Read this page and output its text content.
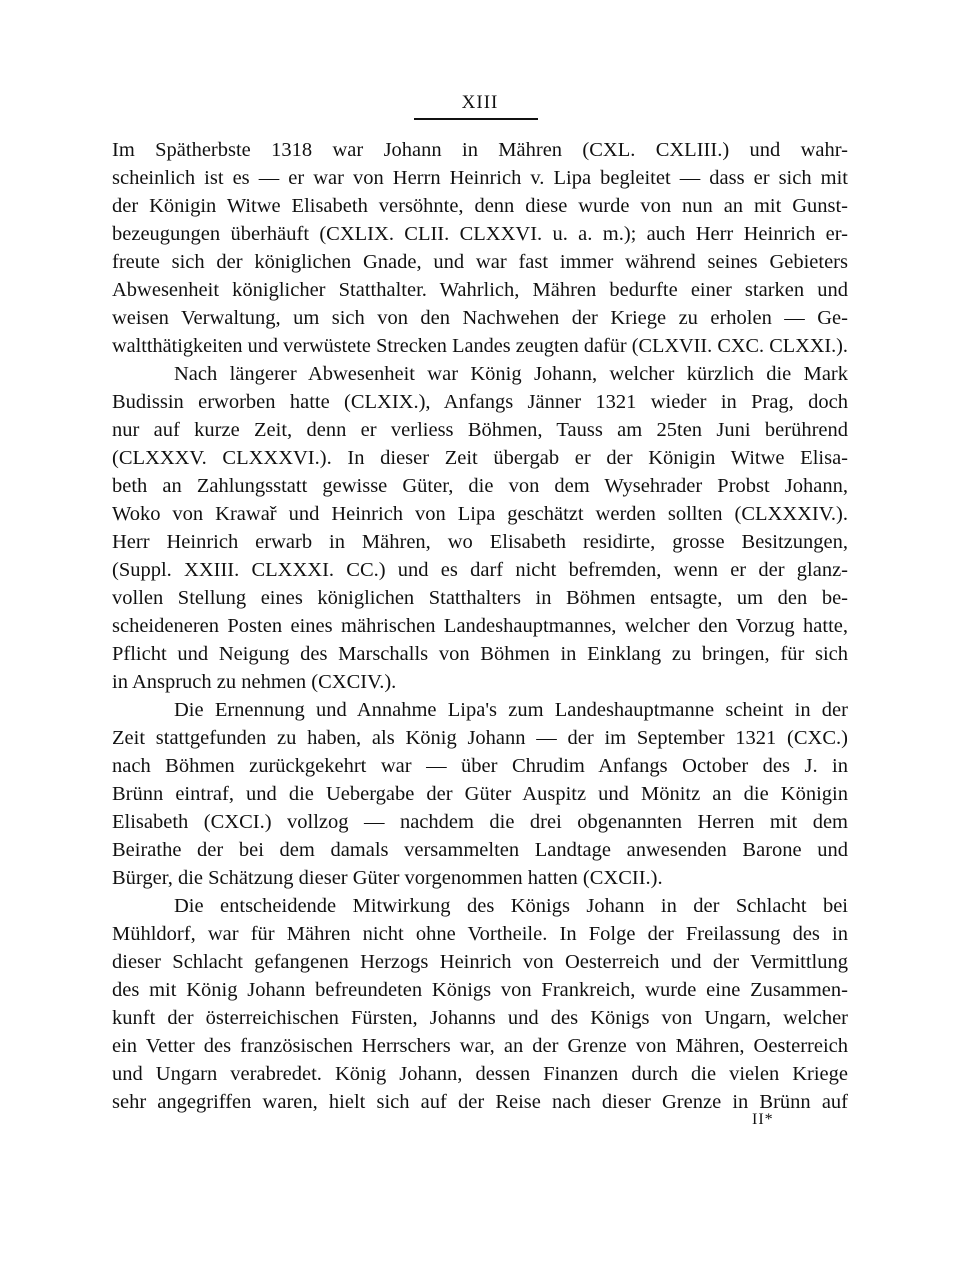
XIII
Im Spätherbste 1318 war Johann in Mähren (CXL. CXLIII.) und wahr-
scheinlich ist es — er war von Herrn Heinrich v. Lipa begleitet — dass er sich mit
der Königin Witwe Elisabeth versöhnte, denn diese wurde von nun an mit Gunst-
bezeugungen überhäuft (CXLIX. CLII. CLXXVI. u. a. m.); auch Herr Heinrich er-
freute sich der königlichen Gnade, und war fast immer während seines Gebieters
Abwesenheit königlicher Statthalter. Wahrlich, Mähren bedurfte einer starken und
weisen Verwaltung, um sich von den Nachwehen der Kriege zu erholen — Ge-
waltthätigkeiten und verwüstete Strecken Landes zeugten dafür (CLXVII. CXC. CLXXI.).
Nach längerer Abwesenheit war König Johann, welcher kürzlich die Mark
Budissin erworben hatte (CLXIX.), Anfangs Jänner 1321 wieder in Prag, doch
nur auf kurze Zeit, denn er verliess Böhmen, Tauss am 25ten Juni berührend
(CLXXXV. CLXXXVI.). In dieser Zeit übergab er der Königin Witwe Elisa-
beth an Zahlungsstatt gewisse Güter, die von dem Wysehrader Probst Johann,
Woko von Krawař und Heinrich von Lipa geschätzt werden sollten (CLXXXIV.).
Herr Heinrich erwarb in Mähren, wo Elisabeth residirte, grosse Besitzungen,
(Suppl. XXIII. CLXXXI. CC.) und es darf nicht befremden, wenn er der glanz-
vollen Stellung eines königlichen Statthalters in Böhmen entsagte, um den be-
scheideneren Posten eines mährischen Landeshauptmannes, welcher den Vorzug hatte,
Pflicht und Neigung des Marschalls von Böhmen in Einklang zu bringen, für sich
in Anspruch zu nehmen (CXCIV.).
Die Ernennung und Annahme Lipa's zum Landeshauptmanne scheint in der
Zeit stattgefunden zu haben, als König Johann — der im September 1321 (CXC.)
nach Böhmen zurückgekehrt war — über Chrudim Anfangs October des J. in
Brünn eintraf, und die Uebergabe der Güter Auspitz und Mönitz an die Königin
Elisabeth (CXCI.) vollzog — nachdem die drei obgenannten Herren mit dem
Beirathe der bei dem damals versammelten Landtage anwesenden Barone und
Bürger, die Schätzung dieser Güter vorgenommen hatten (CXCII.).
Die entscheidende Mitwirkung des Königs Johann in der Schlacht bei
Mühldorf, war für Mähren nicht ohne Vortheile. In Folge der Freilassung des in
dieser Schlacht gefangenen Herzogs Heinrich von Oesterreich und der Vermittlung
des mit König Johann befreundeten Königs von Frankreich, wurde eine Zusammen-
kunft der österreichischen Fürsten, Johanns und des Königs von Ungarn, welcher
ein Vetter des französischen Herrschers war, an der Grenze von Mähren, Oesterreich
und Ungarn verabredet. König Johann, dessen Finanzen durch die vielen Kriege
sehr angegriffen waren, hielt sich auf der Reise nach dieser Grenze in Brünn auf
II*
